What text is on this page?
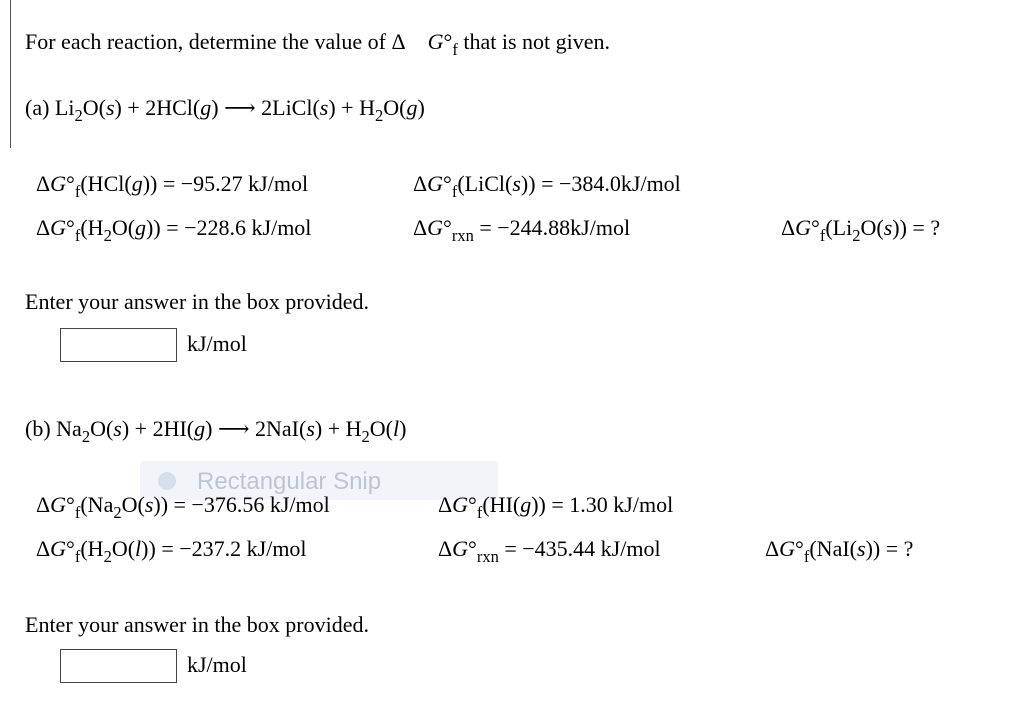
For each reaction, determine the value of Δ $G^\circ_f$ that is not given.
(a) $Li_2O(s) + 2HCl(g)$ ⟶ 2LiCl(s) + $H_2O(g)$
$\Delta G^\circ_f(HCl(g)) = -95.27$ kJ/mol	$\Delta G^\circ_f(LiCl(s)) = -384.0kJ/mol$
$\Delta G^\circ_f(H_2O(g)) = -228.6$ kJ/mol	$\Delta G^\circ_{rxn} = -244.88kJ/mol$	$\Delta G^\circ_f(Li_2O(s))$ = ?
Enter your answer in the box provided.
kJ/mol
(b) $Na_2O(s) + 2HI(g)$ ⟶ $2NaI(s) + H_2O(l)$
Rectangular Snip
$\Delta G^\circ_f(Na_2O(s)) = -376.56$ kJ/mol	$\Delta G^\circ_f(HI(g)) = 1.30$ kJ/mol
$\Delta G^\circ_f(H_2O(l)) = -237.2$ kJ/mol	$\Delta G^\circ_{rxn} = -435.44$ kJ/mol	$\Delta G^\circ_f(NaI(s))$ = ?
Enter your answer in the box provided.
kJ/mol
